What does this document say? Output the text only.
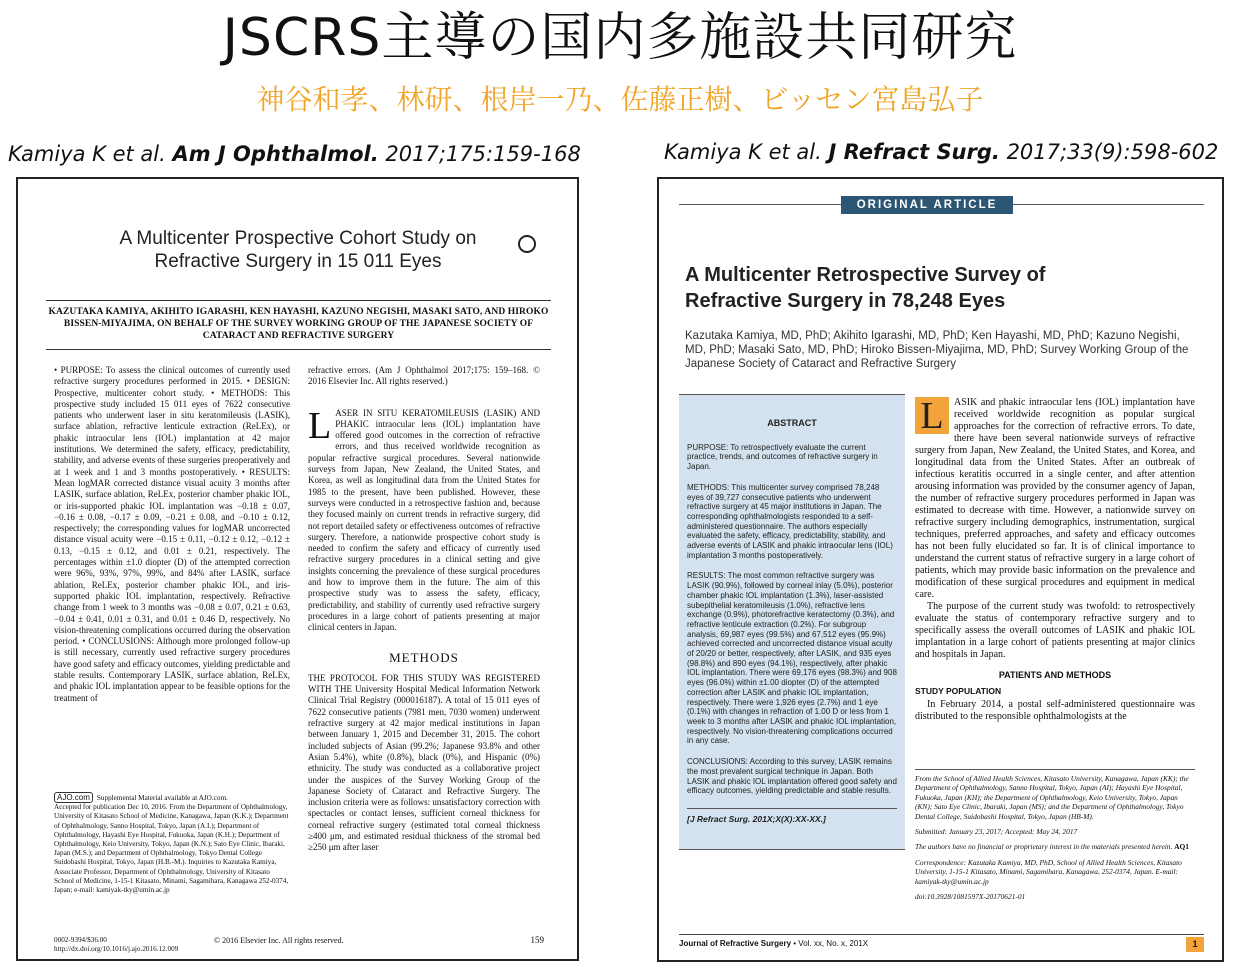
JSCRS主導の国内多施設共同研究
神谷和孝、林研、根岸一乃、佐藤正樹、ビッセン宮島弘子
Kamiya K et al. Am J Ophthalmol. 2017;175:159-168	Kamiya K et al. J Refract Surg. 2017;33(9):598-602
A Multicenter Prospective Cohort Study on
Refractive Surgery in 15 011 Eyes
KAZUTAKA KAMIYA, AKIHITO IGARASHI, KEN HAYASHI, KAZUNO NEGISHI, MASAKI SATO, AND HIROKO BISSEN-MIYAJIMA, ON BEHALF OF THE SURVEY WORKING GROUP OF THE JAPANESE SOCIETY OF CATARACT AND REFRACTIVE SURGERY
• PURPOSE: To assess the clinical outcomes of currently used refractive surgery procedures performed in 2015. • DESIGN: Prospective, multicenter cohort study. • METHODS: This prospective study included 15 011 eyes of 7622 consecutive patients who underwent laser in situ keratomileusis (LASIK), surface ablation, refractive lenticule extraction (ReLEx), or phakic intraocular lens (IOL) implantation at 42 major institutions. We determined the safety, efficacy, predictability, stability, and adverse events of these surgeries preoperatively and at 1 week and 1 and 3 months postoperatively. • RESULTS: Mean logMAR corrected distance visual acuity 3 months after LASIK, surface ablation, ReLEx, posterior chamber phakic IOL, or iris-supported phakic IOL implantation was −0.18 ± 0.07, −0.16 ± 0.08, −0.17 ± 0.09, −0.21 ± 0.08, and −0.10 ± 0.12, respectively; the corresponding values for logMAR uncorrected distance visual acuity were −0.15 ± 0.11, −0.12 ± 0.12, −0.12 ± 0.13, −0.15 ± 0.12, and 0.01 ± 0.21, respectively. The percentages within ±1.0 diopter (D) of the attempted correction were 96%, 93%, 97%, 99%, and 84% after LASIK, surface ablation, ReLEx, posterior chamber phakic IOL, and iris-supported phakic IOL implantation, respectively. Refractive change from 1 week to 3 months was −0.08 ± 0.07, 0.21 ± 0.63, −0.04 ± 0.41, 0.01 ± 0.31, and 0.01 ± 0.46 D, respectively. No vision-threatening complications occurred during the observation period. • CONCLUSIONS: Although more prolonged follow-up is still necessary, currently used refractive surgery procedures have good safety and efficacy outcomes, yielding predictable and stable results. Contemporary LASIK, surface ablation, ReLEx, and phakic IOL implantation appear to be feasible options for the treatment of
refractive errors. (Am J Ophthalmol 2017;175: 159–168. © 2016 Elsevier Inc. All rights reserved.)
LASER IN SITU KERATOMILEUSIS (LASIK) AND PHAKIC intraocular lens (IOL) implantation have offered good outcomes in the correction of refractive errors, and thus received worldwide recognition as popular refractive surgical procedures. Several nationwide surveys from Japan, New Zealand, the United States, and Korea, as well as longitudinal data from the United States for 1985 to the present, have been published. However, these surveys were conducted in a retrospective fashion and, because they focused mainly on current trends in refractive surgery, did not report detailed safety or effectiveness outcomes of refractive surgery. Therefore, a nationwide prospective cohort study is needed to confirm the safety and efficacy of currently used refractive surgery procedures in a clinical setting and give insights concerning the prevalence of these surgical procedures and how to improve them in the future. The aim of this prospective study was to assess the safety, efficacy, predictability, and stability of currently used refractive surgery procedures in a large cohort of patients presenting at major clinical centers in Japan.
METHODS
THE PROTOCOL FOR THIS STUDY WAS REGISTERED WITH THE University Hospital Medical Information Network Clinical Trial Registry (000016187). A total of 15 011 eyes of 7622 consecutive patients (7981 men, 7030 women) underwent refractive surgery at 42 major medical institutions in Japan between January 1, 2015 and December 31, 2015. The cohort included subjects of Asian (99.2%; Japanese 93.8% and other Asian 5.4%), white (0.8%), black (0%), and Hispanic (0%) ethnicity. The study was conducted as a collaborative project under the auspices of the Survey Working Group of the Japanese Society of Cataract and Refractive Surgery. The inclusion criteria were as follows: unsatisfactory correction with spectacles or contact lenses, sufficient corneal thickness for corneal refractive surgery (estimated total corneal thickness ≥400 μm, and estimated residual thickness of the stromal bed ≥250 μm after laser
AJO.com Supplemental Material available at AJO.com.
Accepted for publication Dec 10, 2016. From the Department of Ophthalmology, University of Kitasato School of Medicine, Kanagawa, Japan (K.K.); Department of Ophthalmology, Sanno Hospital, Tokyo, Japan (A.I.); Department of Ophthalmology, Hayashi Eye Hospital, Fukuoka, Japan (K.H.); Department of Ophthalmology, Keio University, Tokyo, Japan (K.N.); Sato Eye Clinic, Ibaraki, Japan (M.S.); and Department of Ophthalmology, Tokyo Dental College Suidobashi Hospital, Tokyo, Japan (H.B.-M.). Inquiries to Kazutaka Kamiya, Associate Professor, Department of Ophthalmology, University of Kitasato School of Medicine, 1-15-1 Kitasato, Minami, Sagamihara, Kanagawa 252-0374, Japan; e-mail: kamiyak-tky@umin.ac.jp
0002-9394/$36.00
http://dx.doi.org/10.1016/j.ajo.2016.12.009
© 2016 Elsevier Inc. All rights reserved.	159
ORIGINAL ARTICLE
A Multicenter Retrospective Survey of
Refractive Surgery in 78,248 Eyes
Kazutaka Kamiya, MD, PhD; Akihito Igarashi, MD, PhD; Ken Hayashi, MD, PhD; Kazuno Negishi, MD, PhD; Masaki Sato, MD, PhD; Hiroko Bissen-Miyajima, MD, PhD; Survey Working Group of the Japanese Society of Cataract and Refractive Surgery
ABSTRACT

PURPOSE: To retrospectively evaluate the current practice, trends, and outcomes of refractive surgery in Japan.

METHODS: This multicenter survey comprised 78,248 eyes of 39,727 consecutive patients who underwent refractive surgery at 45 major institutions in Japan. The corresponding ophthalmologists responded to a self-administered questionnaire. The authors especially evaluated the safety, efficacy, predictability, stability, and adverse events of LASIK and phakic intraocular lens (IOL) implantation 3 months postoperatively.

RESULTS: The most common refractive surgery was LASIK (90.9%), followed by corneal inlay (5.0%), posterior chamber phakic IOL implantation (1.3%), laser-assisted subepithelial keratomileusis (1.0%), refractive lens exchange (0.9%), photorefractive keratectomy (0.3%), and refractive lenticule extraction (0.2%). For subgroup analysis, 69,987 eyes (99.5%) and 67,512 eyes (95.9%) achieved corrected and uncorrected distance visual acuity of 20/20 or better, respectively, after LASIK, and 935 eyes (98.8%) and 890 eyes (94.1%), respectively, after phakic IOL implantation. There were 69,176 eyes (98.3%) and 908 eyes (96.0%) within ±1.00 diopter (D) of the attempted correction after LASIK and phakic IOL implantation, respectively. There were 1,926 eyes (2.7%) and 1 eye (0.1%) with changes in refraction of 1.00 D or less from 1 week to 3 months after LASIK and phakic IOL implantation, respectively. No vision-threatening complications occurred in any case.

CONCLUSIONS: According to this survey, LASIK remains the most prevalent surgical technique in Japan. Both LASIK and phakic IOL implantation offered good safety and efficacy outcomes, yielding predictable and stable results.

[J Refract Surg. 201X;X(X):XX-XX.]
L	ASIK and phakic intraocular lens (IOL) implantation have received worldwide recognition as popular surgical approaches for the correction of refractive errors. To date, there have been several nationwide surveys of refractive surgery from Japan, New Zealand, the United States, and Korea, and longitudinal data from the United States. After an outbreak of infectious keratitis occurred in a single center, and after attention arousing information was provided by the consumer agency of Japan, the number of refractive surgery procedures performed in Japan was estimated to decrease with time. However, a nationwide survey on refractive surgery including demographics, instrumentation, surgical techniques, preferred approaches, and safety and efficacy outcomes has not been fully elucidated so far. It is of clinical importance to understand the current status of refractive surgery in a large cohort of patients, which may provide basic information on the prevalence and modification of these surgical procedures and equipment in medical care.
The purpose of the current study was twofold: to retrospectively evaluate the status of contemporary refractive surgery and to specifically assess the overall outcomes of LASIK and phakic IOL implantation in a large cohort of patients presenting at major clinics and hospitals in Japan.
PATIENTS AND METHODS
STUDY POPULATION
In February 2014, a postal self-administered questionnaire was distributed to the responsible ophthalmologists at the

From the School of Allied Health Sciences, Kitasato University, Kanagawa, Japan (KK); the Department of Ophthalmology, Sanno Hospital, Tokyo, Japan (AI); Hayashi Eye Hospital, Fukuoka, Japan (KH); the Department of Ophthalmology, Keio University, Tokyo, Japan (KN); Sato Eye Clinic, Ibaraki, Japan (MS); and the Department of Ophthalmology, Tokyo Dental College, Suidobashi Hospital, Tokyo, Japan (HB-M).

Submitted: January 23, 2017; Accepted: May 24, 2017

The authors have no financial or proprietary interest in the materials presented herein. AQ1

Correspondence: Kazutaka Kamiya, MD, PhD, School of Allied Health Sciences, Kitasato University, 1-15-1 Kitasato, Minami, Sagamihara, Kanagawa, 252-0374, Japan. E-mail: kamiyak-tky@umin.ac.jp

doi:10.3928/1081597X-20170621-01

Journal of Refractive Surgery • Vol. xx, No. x, 201X	1
